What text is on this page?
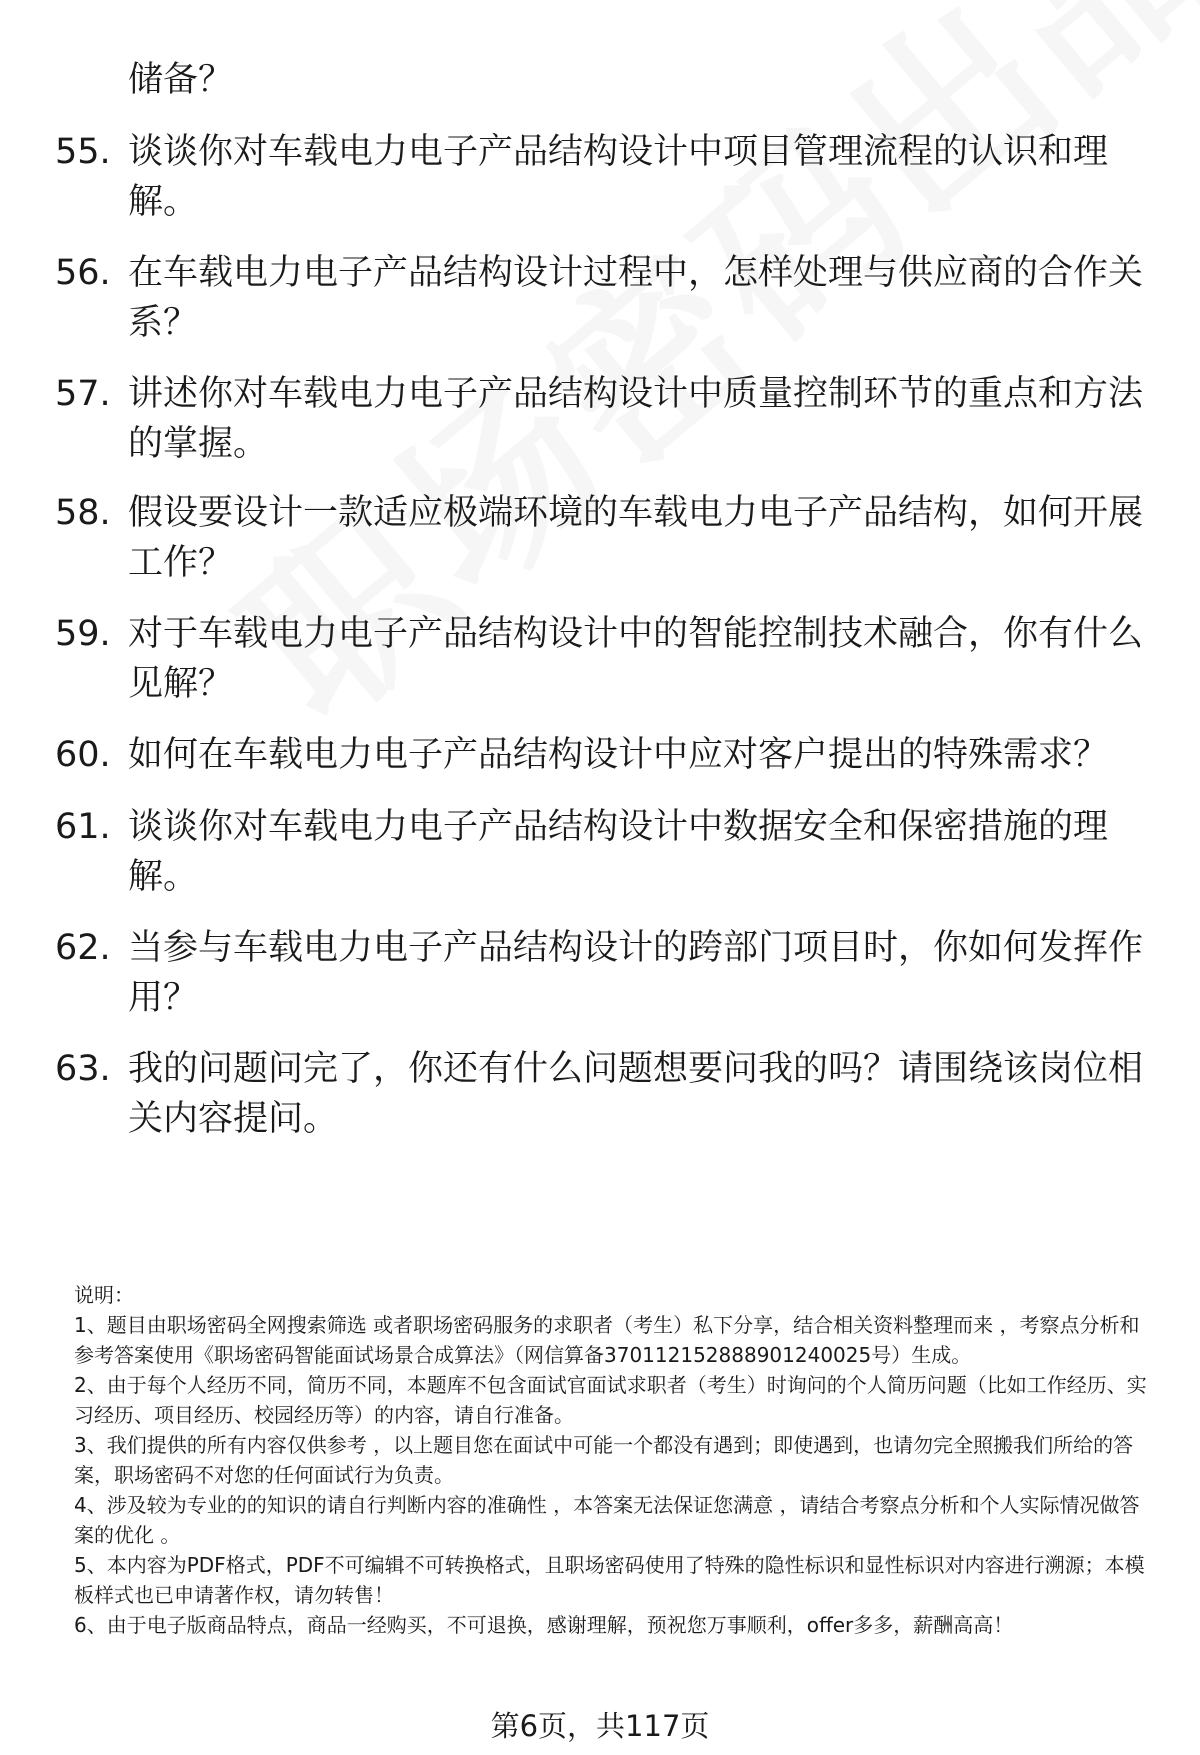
储备？
55. 谈谈你对车载电力电子产品结构设计中项目管理流程的认识和理解。
56. 在车载电力电子产品结构设计过程中，怎样处理与供应商的合作关系？
57. 讲述你对车载电力电子产品结构设计中质量控制环节的重点和方法的掌握。
58. 假设要设计一款适应极端环境的车载电力电子产品结构，如何开展工作？
59. 对于车载电力电子产品结构设计中的智能控制技术融合，你有什么见解？
60. 如何在车载电力电子产品结构设计中应对客户提出的特殊需求？
61. 谈谈你对车载电力电子产品结构设计中数据安全和保密措施的理解。
62. 当参与车载电力电子产品结构设计的跨部门项目时，你如何发挥作用？
63. 我的问题问完了，你还有什么问题想要问我的吗？请围绕该岗位相关内容提问。

说明：

1、题目由职场密码全网搜索筛选 或者职场密码服务的求职者（考生）私下分享，结合相关资料整理而来 ，考察点分析和参考答案使用《职场密码智能面试场景合成算法》（网信算备370112152888901240025号）生成。

2、由于每个人经历不同，简历不同，本题库不包含面试官面试求职者（考生）时询问的个人简历问题（比如工作经历、实习经历、项目经历、校园经历等）的内容，请自行准备。

3、我们提供的所有内容仅供参考 ，以上题目您在面试中可能一个都没有遇到；即使遇到，也请勿完全照搬我们所给的答案，职场密码不对您的任何面试行为负责。

4、涉及较为专业的的知识的请自行判断内容的准确性 ，本答案无法保证您满意 ，请结合考察点分析和个人实际情况做答案的优化 。

5、本内容为PDF格式，PDF不可编辑不可转换格式，且职场密码使用了特殊的隐性标识和显性标识对内容进行溯源；本模板样式也已申请著作权，请勿转售！

6、由于电子版商品特点，商品一经购买，不可退换，感谢理解，预祝您万事顺利，offer多多，薪酬高高！

第6页，共117页
